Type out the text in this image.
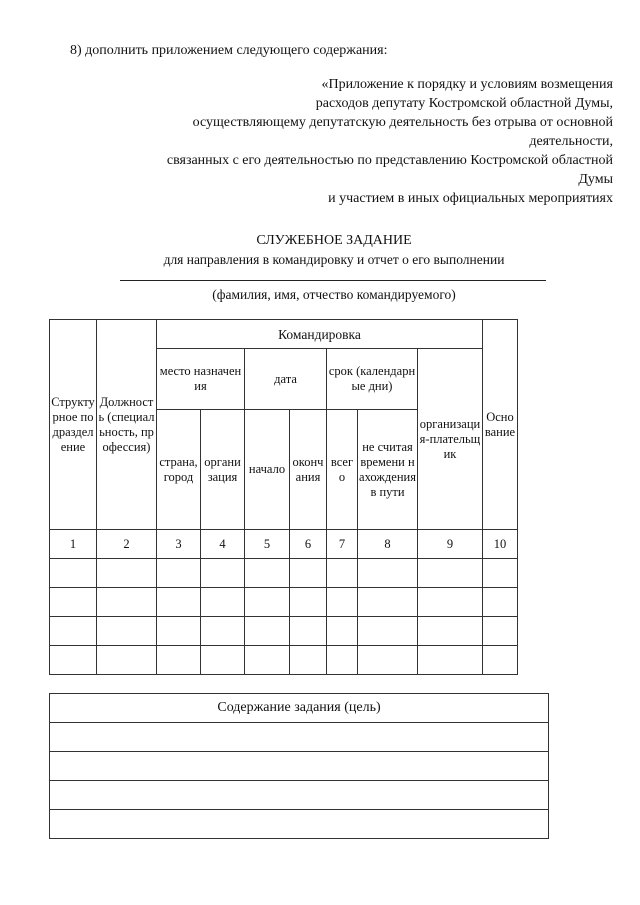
8) дополнить приложением следующего содержания:
«Приложение к порядку и условиям возмещения
расходов депутату Костромской областной Думы,
осуществляющему депутатскую деятельность без отрыва от основной
деятельности,
связанных с его деятельностью по представлению Костромской областной
Думы
и участием в иных официальных мероприятиях
СЛУЖЕБНОЕ ЗАДАНИЕ
для направления в командировку и отчет о его выполнении
(фамилия, имя, отчество командируемого)
Структурное подразделение	Должность (специальность, профессия)	Командировка							Основание
		место назначения		дата		срок (календарные дни)		организация-плательщик	
		страна, город	организация	начало	окончания	всего	не считая времени нахождения в пути		
1	2	3	4	5	6	7	8	9	10

Содержание задания (цель)
